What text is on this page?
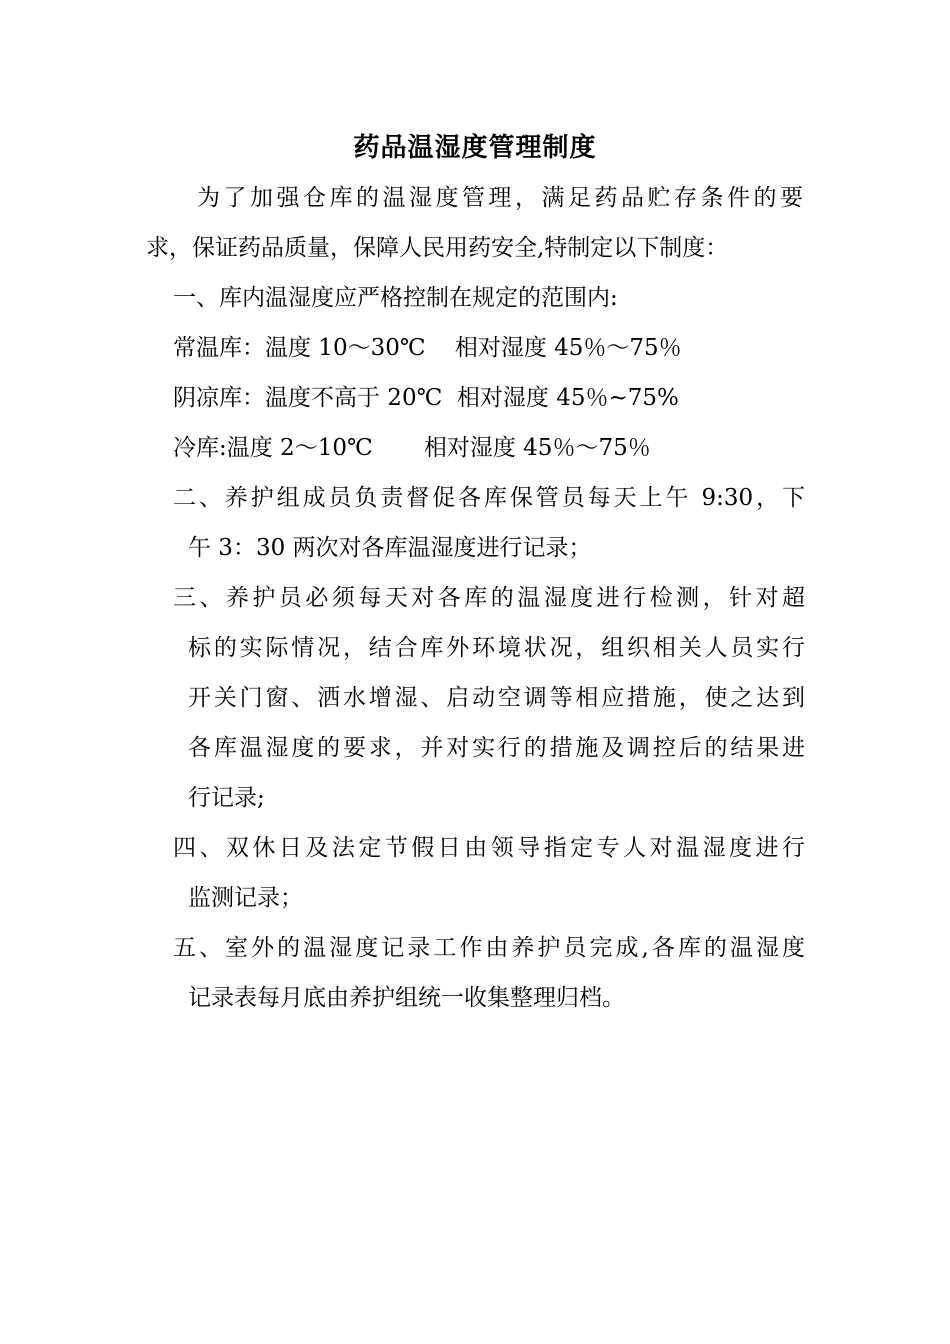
药品温湿度管理制度
为了加强仓库的温湿度管理，满足药品贮存条件的要
求，保证药品质量，保障人民用药安全,特制定以下制度：
一、库内温湿度应严格控制在规定的范围内:
常温库：温度 10～30℃    相对湿度 45％～75％
阴凉库：温度不高于 20℃  相对湿度 45％~75%
冷库:温度 2～10℃       相对湿度 45％～75％
二、养护组成员负责督促各库保管员每天上午 9:30，下
午 3：30 两次对各库温湿度进行记录；
三、养护员必须每天对各库的温湿度进行检测，针对超
标的实际情况，结合库外环境状况，组织相关人员实行
开关门窗、洒水增湿、启动空调等相应措施，使之达到
各库温湿度的要求，并对实行的措施及调控后的结果进
行记录;
四、双休日及法定节假日由领导指定专人对温湿度进行
监测记录；
五、室外的温湿度记录工作由养护员完成,各库的温湿度
记录表每月底由养护组统一收集整理归档。
